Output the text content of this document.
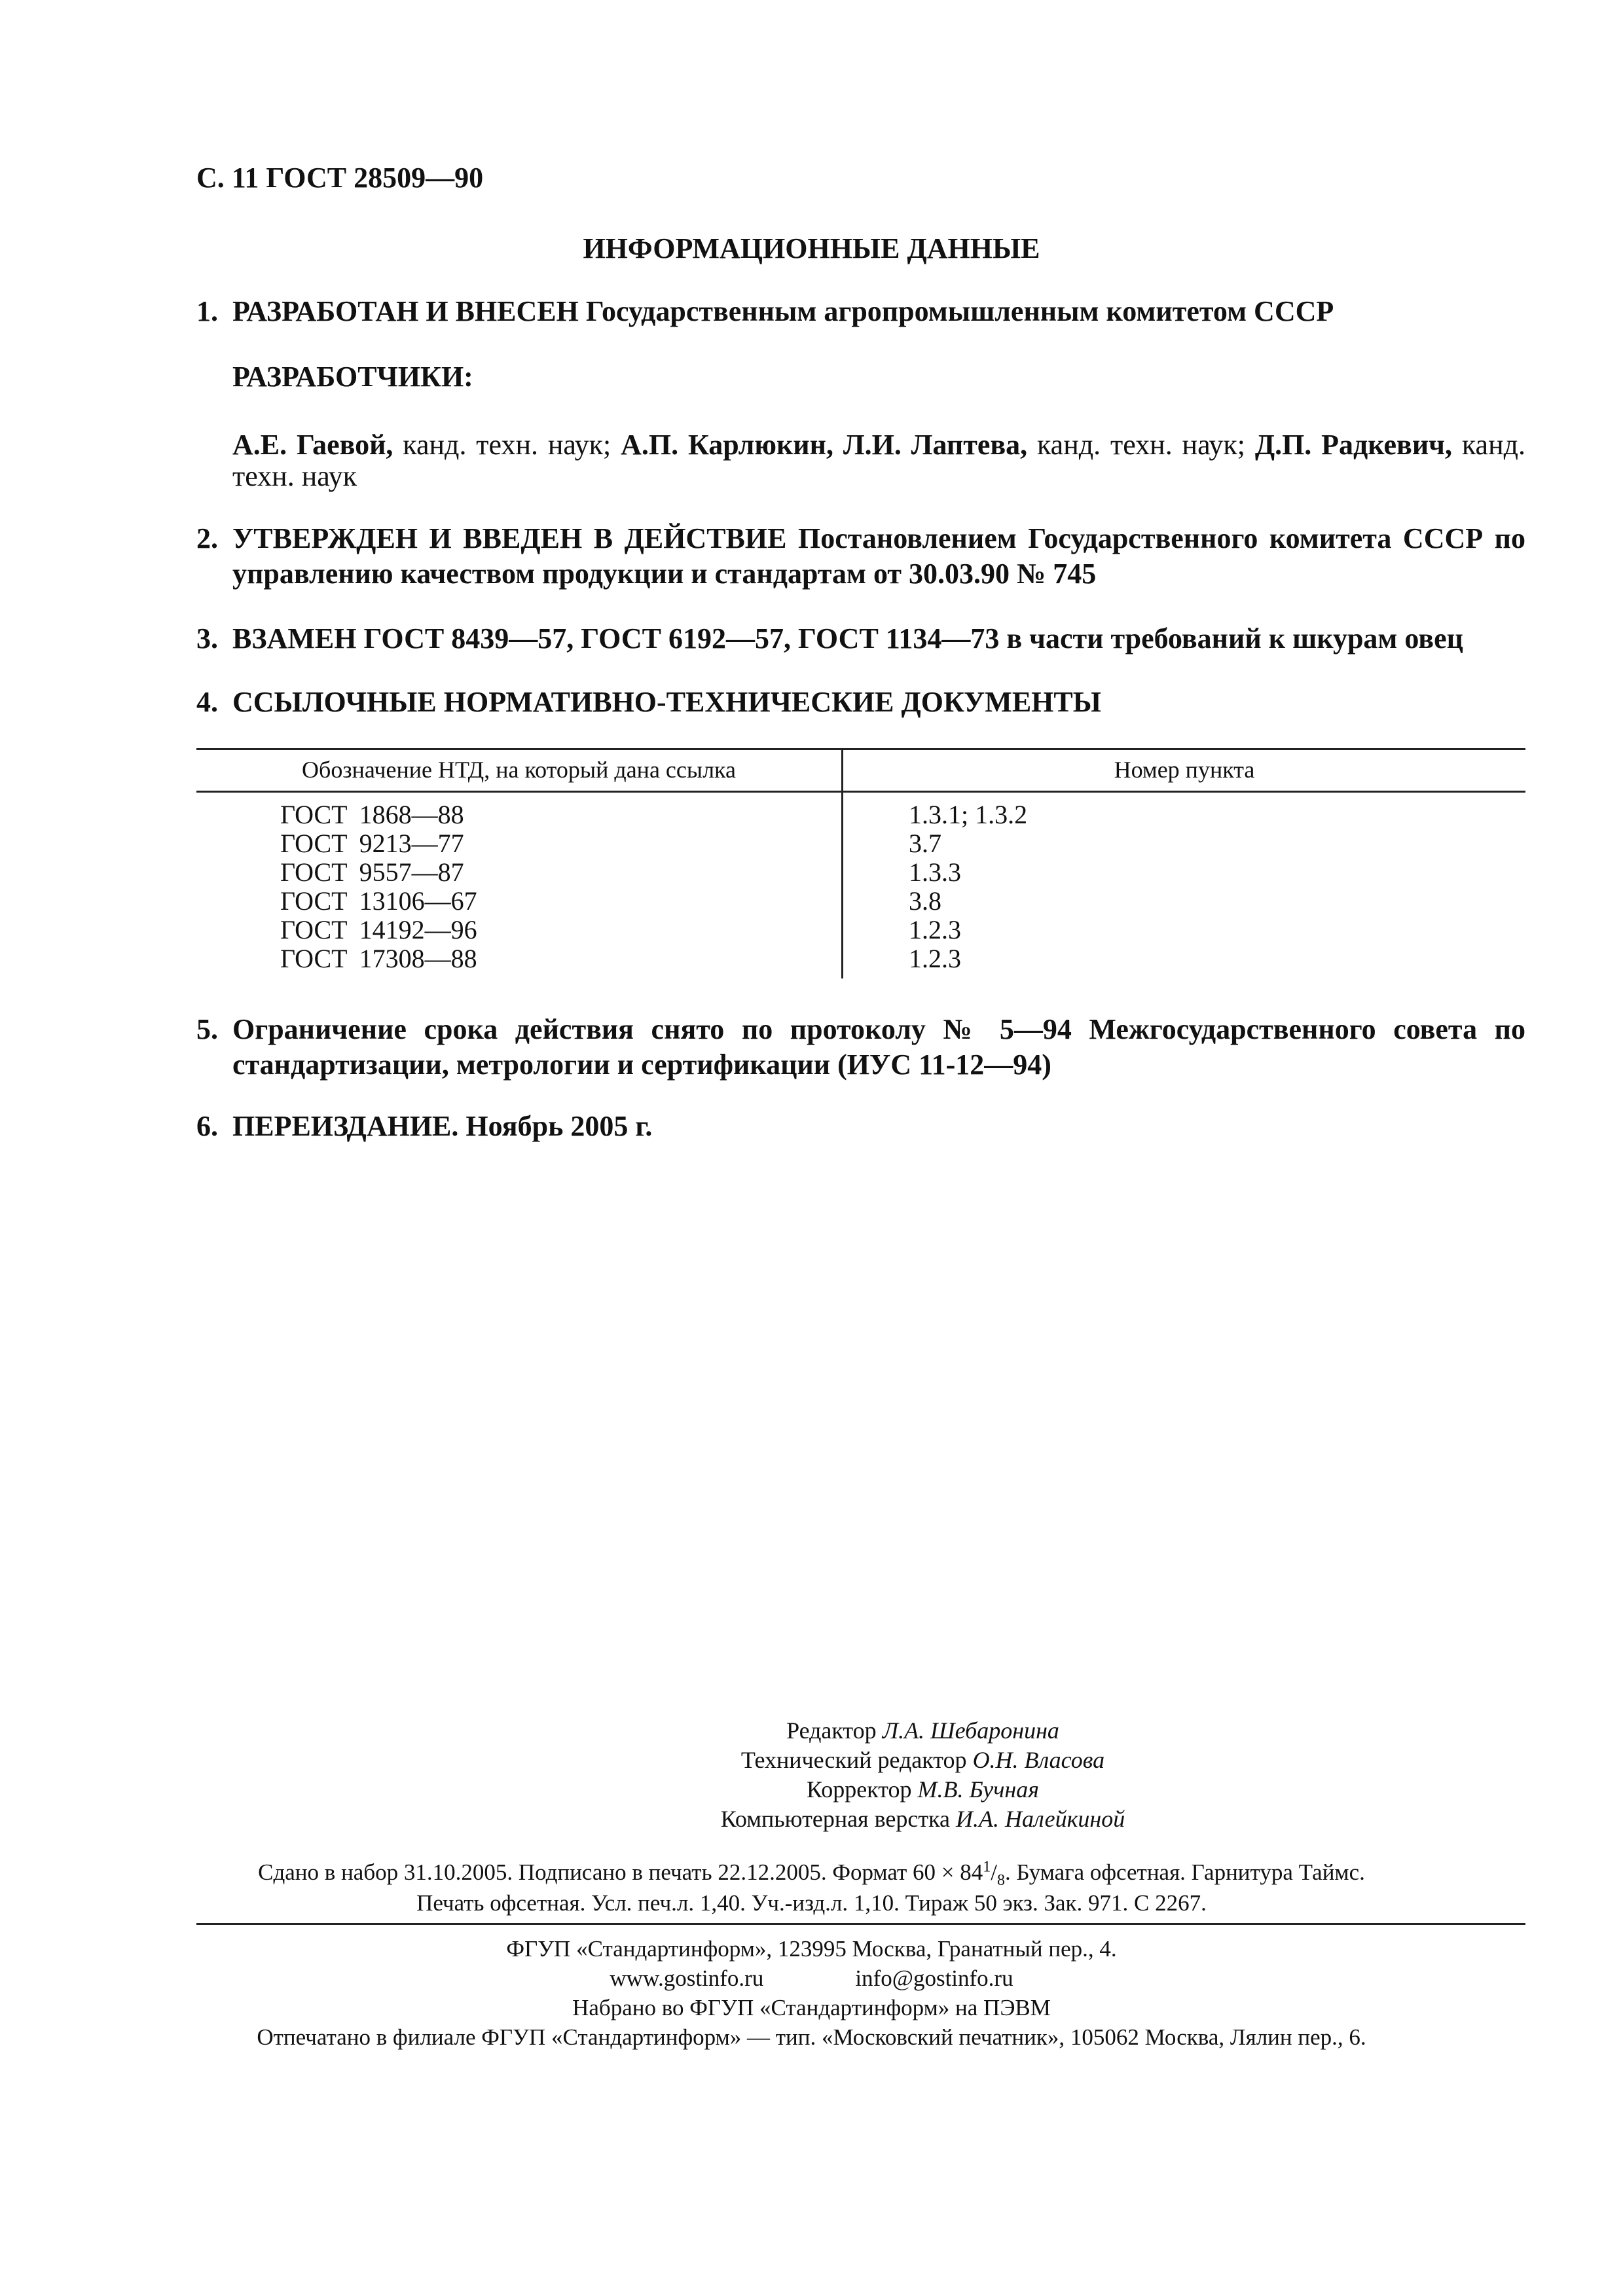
С. 11 ГОСТ 28509—90
ИНФОРМАЦИОННЫЕ ДАННЫЕ
1. РАЗРАБОТАН И ВНЕСЕН Государственным агропромышленным комитетом СССР
РАЗРАБОТЧИКИ:
А.Е. Гаевой, канд. техн. наук; А.П. Карлюкин, Л.И. Лаптева, канд. техн. наук; Д.П. Радкевич, канд. техн. наук
2. УТВЕРЖДЕН И ВВЕДЕН В ДЕЙСТВИЕ Постановлением Государственного комитета СССР по управлению качеством продукции и стандартам от 30.03.90 № 745
3. ВЗАМЕН ГОСТ 8439—57, ГОСТ 6192—57, ГОСТ 1134—73 в части требований к шкурам овец
4. ССЫЛОЧНЫЕ НОРМАТИВНО-ТЕХНИЧЕСКИЕ ДОКУМЕНТЫ
Обозначение НТД, на который дана ссылка	Номер пункта
ГОСТ 1868—88	1.3.1; 1.3.2
ГОСТ 9213—77	3.7
ГОСТ 9557—87	1.3.3
ГОСТ 13106—67	3.8
ГОСТ 14192—96	1.2.3
ГОСТ 17308—88	1.2.3
5. Ограничение срока действия снято по протоколу № 5—94 Межгосударственного совета по стандартизации, метрологии и сертификации (ИУС 11-12—94)
6. ПЕРЕИЗДАНИЕ. Ноябрь 2005 г.
Редактор Л.А. Шебаронина
Технический редактор О.Н. Власова
Корректор М.В. Бучная
Компьютерная верстка И.А. Налейкиной
Сдано в набор 31.10.2005. Подписано в печать 22.12.2005. Формат $60 \times 84^1/_8$. Бумага офсетная. Гарнитура Таймс.
Печать офсетная. Усл. печ.л. 1,40. Уч.-изд.л. 1,10. Тираж 50 экз. Зак. 971. С 2267.
ФГУП «Стандартинформ», 123995 Москва, Гранатный пер., 4.
www.gostinfo.ru	info@gostinfo.ru
Набрано во ФГУП «Стандартинформ» на ПЭВМ
Отпечатано в филиале ФГУП «Стандартинформ» — тип. «Московский печатник», 105062 Москва, Лялин пер., 6.
